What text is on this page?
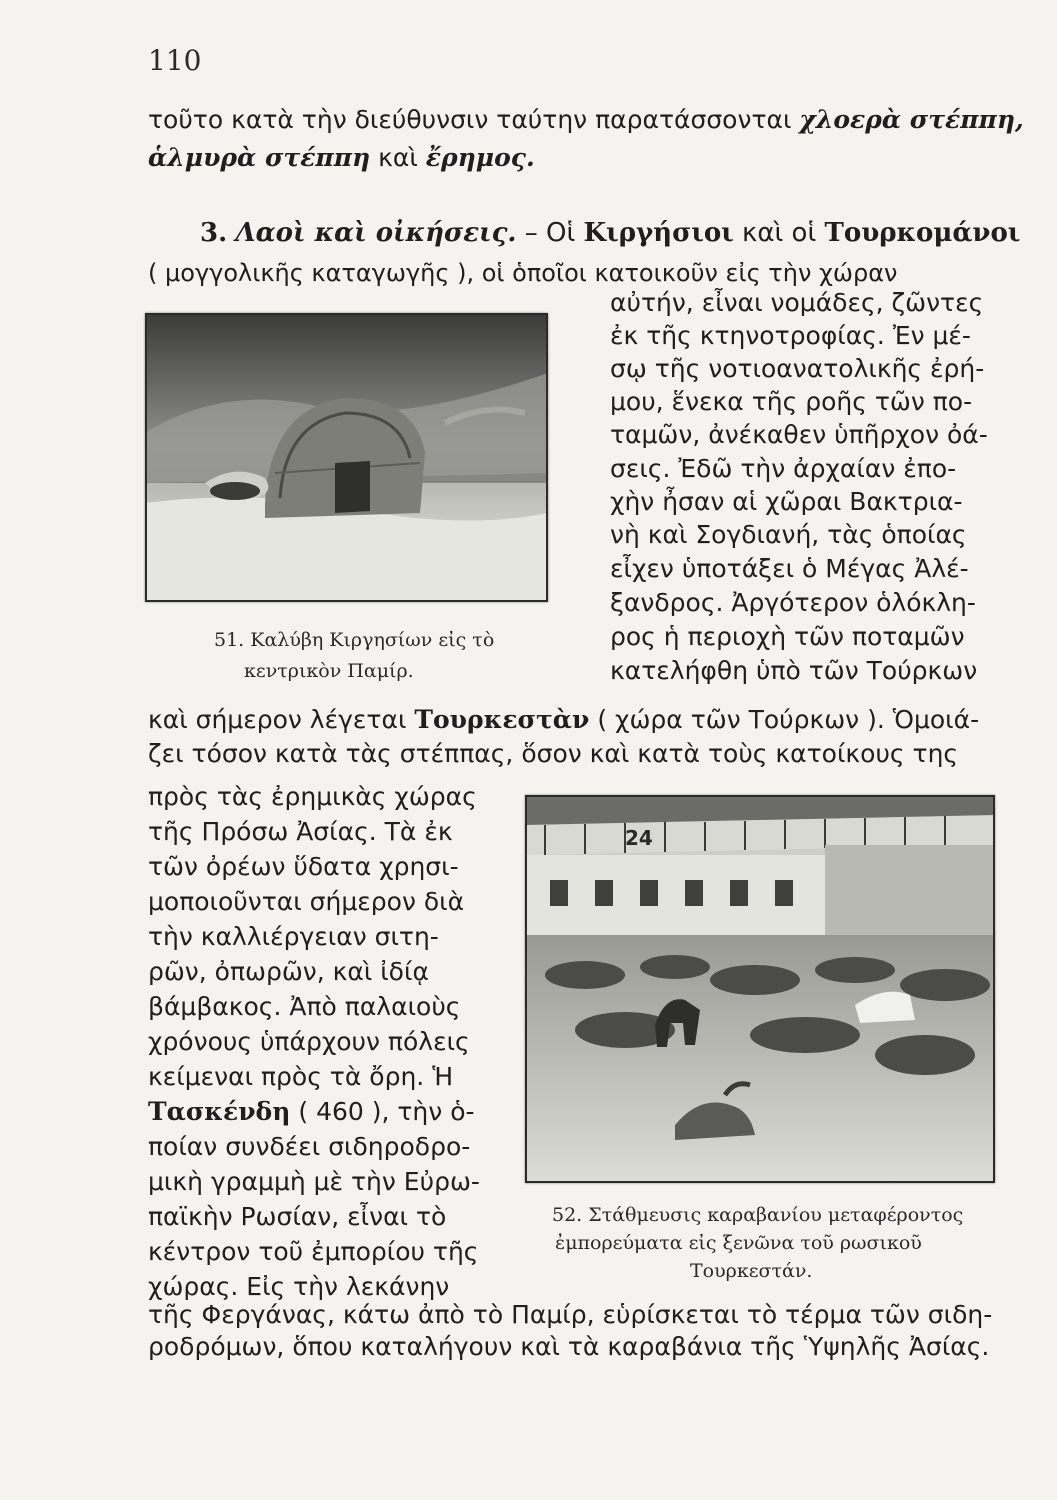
110
τοῦτο κατὰ τὴν διεύθυνσιν ταύτην παρατάσσονται χλοερὰ στέππη,
ἁλμυρὰ στέππη καὶ ἔρημος.
3. Λαοὶ καὶ οἰκήσεις. – Οἱ Κιργήσιοι καὶ οἱ Τουρκομάνοι
( μογγολικῆς καταγωγῆς ), οἱ ὁποῖοι κατοικοῦν εἰς τὴν χώραν
51. Καλύβη Κιργησίων εἰς τὸ
κεντρικὸν Παμίρ.
αὐτήν, εἶναι νομάδες, ζῶντες
ἐκ τῆς κτηνοτροφίας. Ἐν μέ-
σῳ τῆς νοτιοανατολικῆς ἐρή-
μου, ἕνεκα τῆς ροῆς τῶν πο-
ταμῶν, ἀνέκαθεν ὑπῆρχον ὀά-
σεις. Ἐδῶ τὴν ἀρχαίαν ἐπο-
χὴν ἦσαν αἱ χῶραι Βακτρια-
νὴ καὶ Σογδιανή, τὰς ὁποίας
εἶχεν ὑποτάξει ὁ Μέγας Ἀλέ-
ξανδρος. Ἀργότερον ὁλόκλη-
ρος ἡ περιοχὴ τῶν ποταμῶν
κατελήφθη ὑπὸ τῶν Τούρκων
καὶ σήμερον λέγεται Τουρκεστὰν ( χώρα τῶν Τούρκων ). Ὁμοιά-
ζει τόσον κατὰ τὰς στέππας, ὅσον καὶ κατὰ τοὺς κατοίκους της
πρὸς τὰς ἐρημικὰς χώρας
τῆς Πρόσω Ἀσίας. Τὰ ἐκ
τῶν ὀρέων ὕδατα χρησι-
μοποιοῦνται σήμερον διὰ
τὴν καλλιέργειαν σιτη-
ρῶν, ὀπωρῶν, καὶ ἰδίᾳ
βάμβακος. Ἀπὸ παλαιοὺς
χρόνους ὑπάρχουν πόλεις
κείμεναι πρὸς τὰ ὄρη. Ἡ
Τασκένδη ( 460 ), τὴν ὁ-
ποίαν συνδέει σιδηροδρο-
μικὴ γραμμὴ μὲ τὴν Εὐρω-
παϊκὴν Ρωσίαν, εἶναι τὸ
κέντρον τοῦ ἐμπορίου τῆς
χώρας. Εἰς τὴν λεκάνην
24
52. Στάθμευσις καραβανίου μεταφέροντος
ἐμπορεύματα εἰς ξενῶνα τοῦ ρωσικοῦ
Τουρκεστάν.
τῆς Φεργάνας, κάτω ἀπὸ τὸ Παμίρ, εὑρίσκεται τὸ τέρμα τῶν σιδη-
ροδρόμων, ὅπου καταλήγουν καὶ τὰ καραβάνια τῆς Ὑψηλῆς Ἀσίας.
